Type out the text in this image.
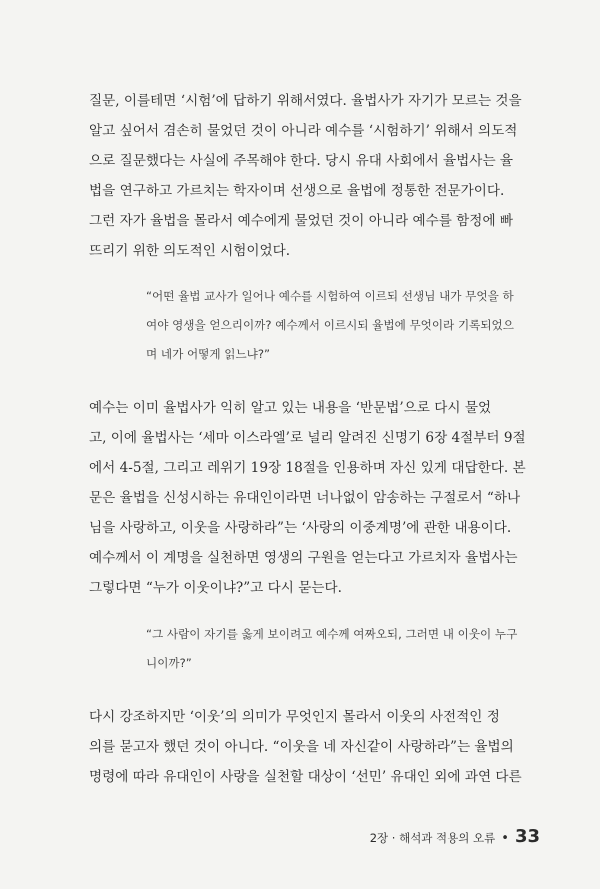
질문, 이를테면 ‘시험’에 답하기 위해서였다. 율법사가 자기가 모르는 것을
알고 싶어서 겸손히 물었던 것이 아니라 예수를 ‘시험하기’ 위해서 의도적
으로 질문했다는 사실에 주목해야 한다. 당시 유대 사회에서 율법사는 율
법을 연구하고 가르치는 학자이며 선생으로 율법에 정통한 전문가이다.
그런 자가 율법을 몰라서 예수에게 물었던 것이 아니라 예수를 함정에 빠
뜨리기 위한 의도적인 시험이었다.

“어떤 율법 교사가 일어나 예수를 시험하여 이르되 선생님 내가 무엇을 하
여야 영생을 얻으리이까? 예수께서 이르시되 율법에 무엇이라 기록되었으
며 네가 어떻게 읽느냐?”

예수는 이미 율법사가 익히 알고 있는 내용을 ‘반문법’으로 다시 물었
고, 이에 율법사는 ‘세마 이스라엘’로 널리 알려진 신명기 6장 4절부터 9절
에서 4-5절, 그리고 레위기 19장 18절을 인용하며 자신 있게 대답한다. 본
문은 율법을 신성시하는 유대인이라면 너나없이 암송하는 구절로서 “하나
님을 사랑하고, 이웃을 사랑하라”는 ‘사랑의 이중계명’에 관한 내용이다.
예수께서 이 계명을 실천하면 영생의 구원을 얻는다고 가르치자 율법사는
그렇다면 “누가 이웃이냐?”고 다시 묻는다.

“그 사람이 자기를 옳게 보이려고 예수께 여짜오되, 그러면 내 이웃이 누구
니이까?”

다시 강조하지만 ‘이웃’의 의미가 무엇인지 몰라서 이웃의 사전적인 정
의를 묻고자 했던 것이 아니다. “이웃을 네 자신같이 사랑하라”는 율법의
명령에 따라 유대인이 사랑을 실천할 대상이 ‘선민’ 유대인 외에 과연 다른

2장 · 해석과 적용의 오류 • 33
